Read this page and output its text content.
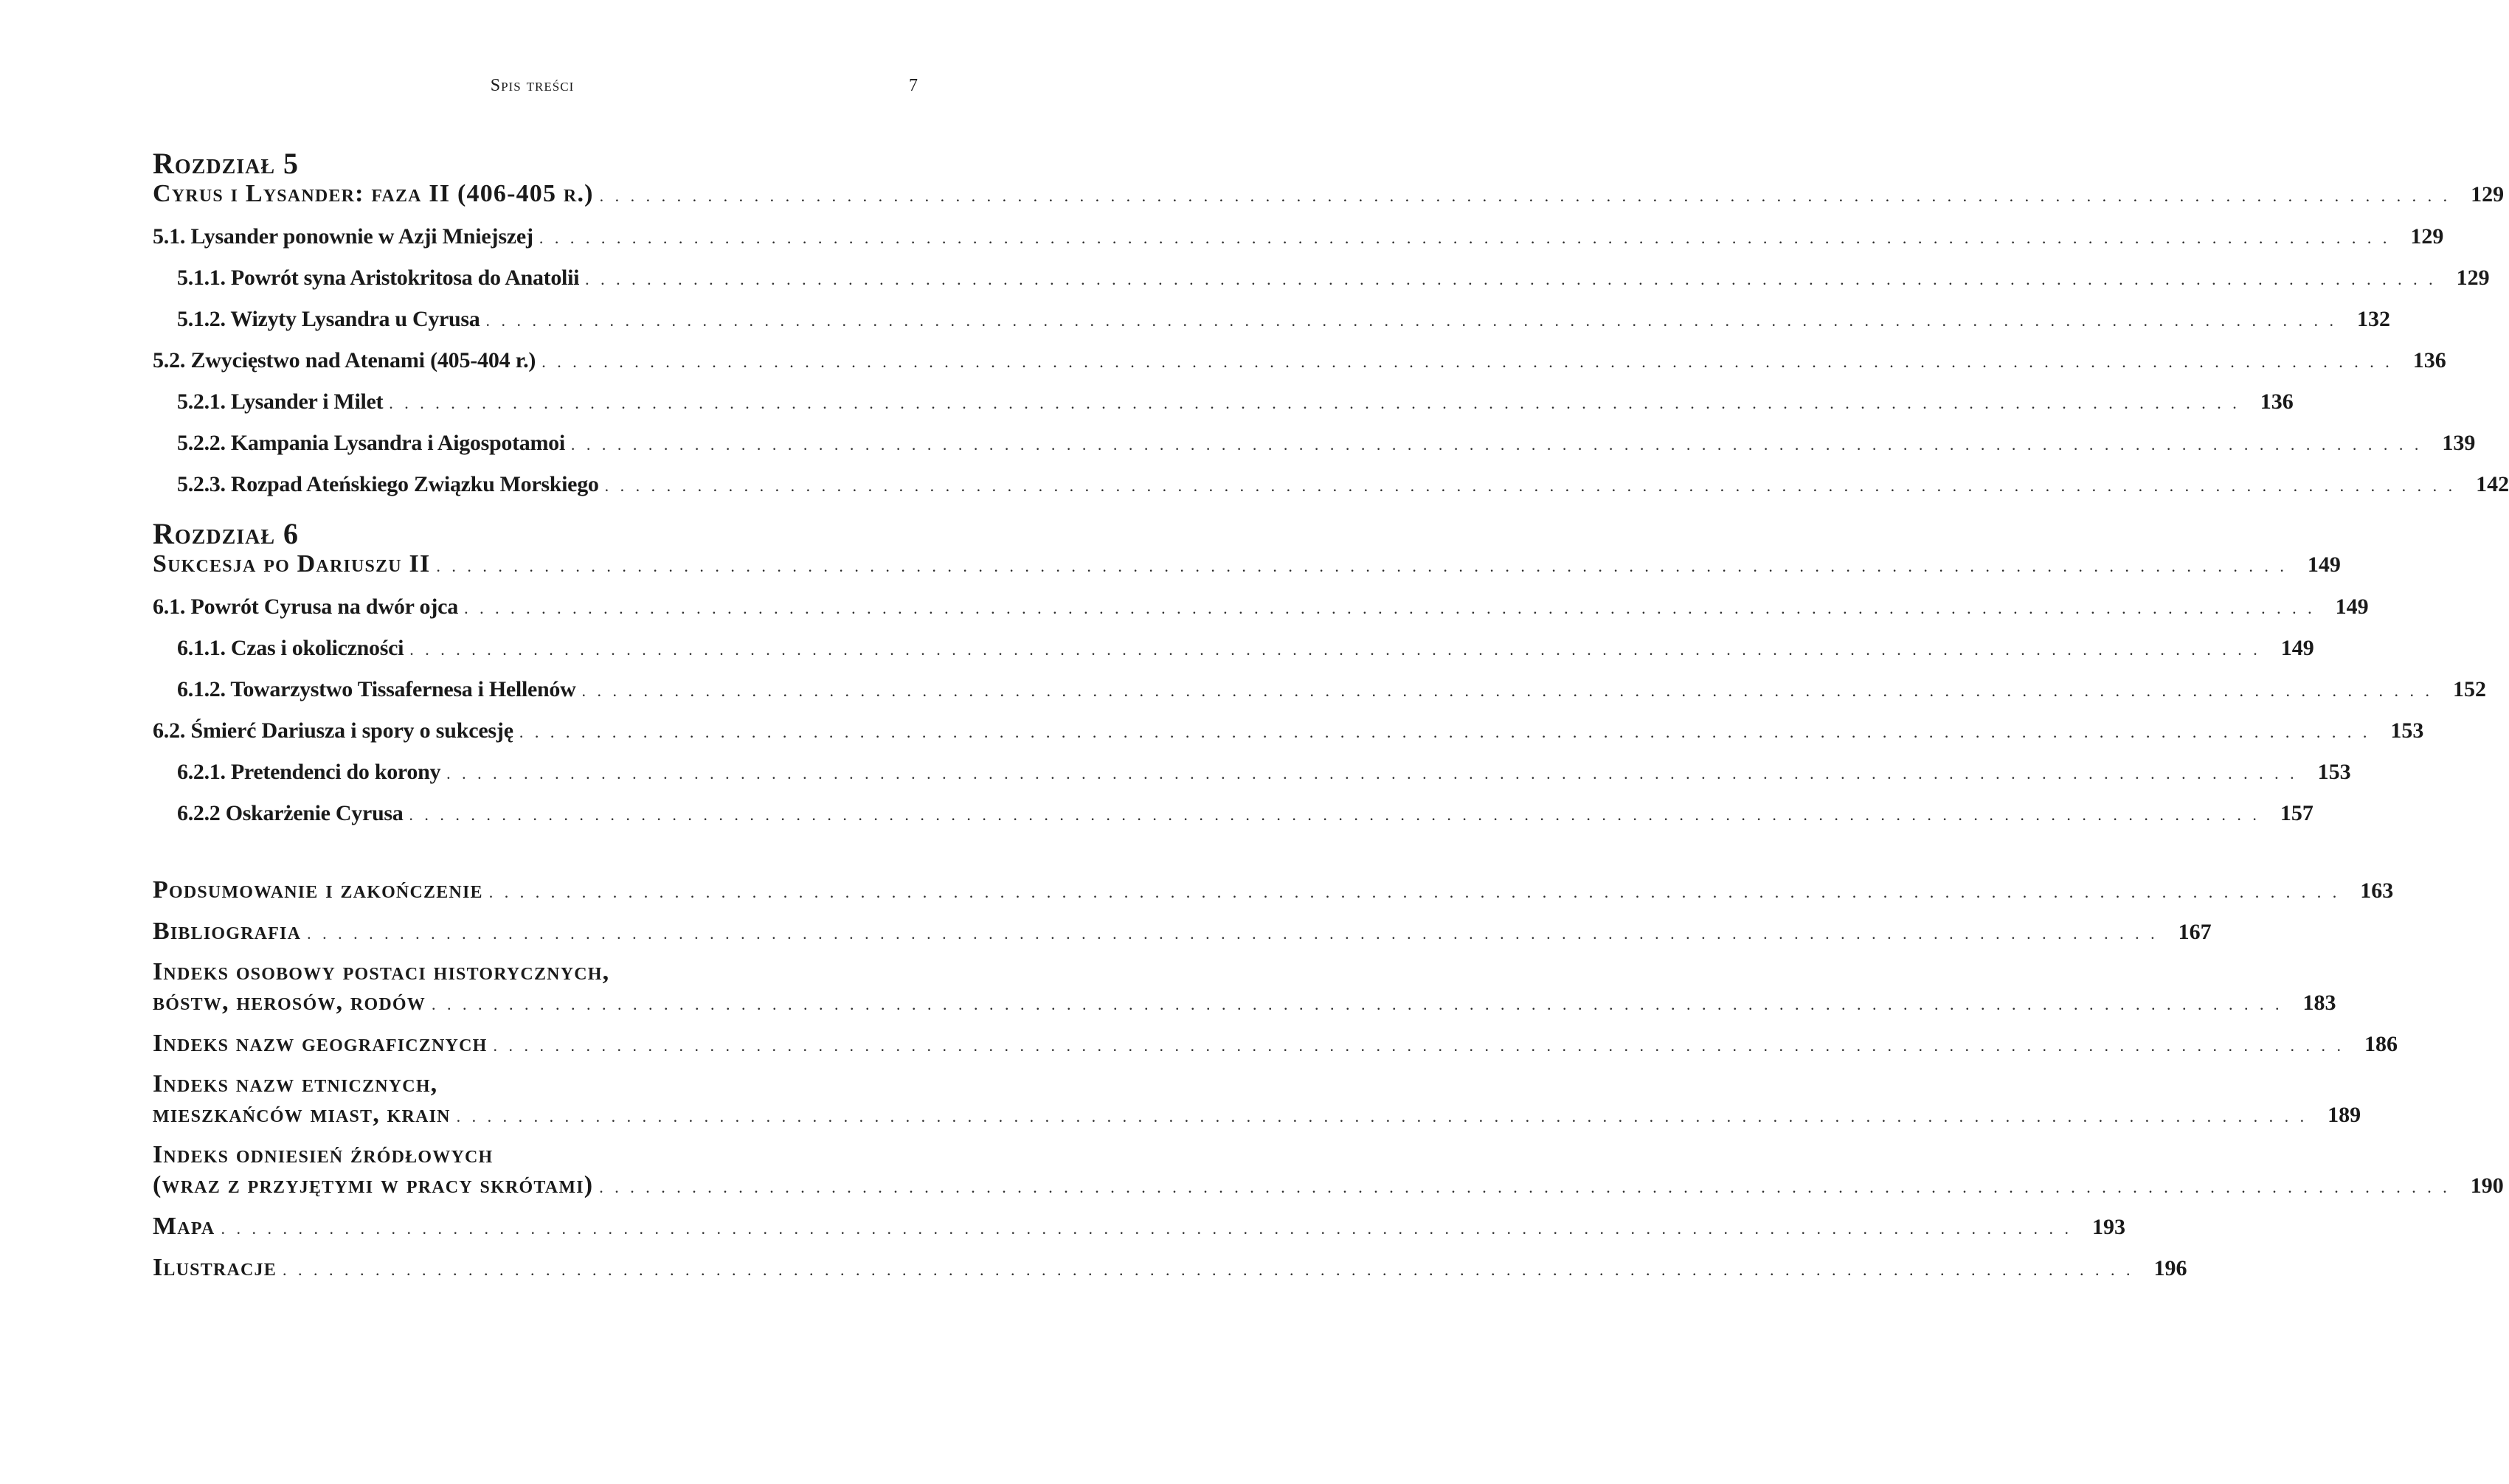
Spis treści	7
Rozdział 5
Cyrus i Lysander: faza II (406-405 r.) . . . . . . . . . . . . . . . . . . . . . . . . . . . . . . . . . . . . . . . . . . . . . . . . . . . . . . . . . . . . . . . . . . . . . . . . . . . . . . . . . . . . . . . . . . . . . . . . . . . . . . . . . . . . . . . . . . . . . . . . 129
5.1. Lysander ponownie w Azji Mniejszej . . . . . . . . . . . . . . . . . . . . . . . . . . . . . . . . . . . . . . . . . . . . . . . . . . . . . . . . . . . . . . . . . . . . . . . . . . . . . . . . . . . . . . . . . . . . . . . . . . . . . . . . . . . . . . . . . . . . . . . . 129
5.1.1. Powrót syna Aristokritosa do Anatolii . . . . . . . . . . . . . . . . . . . . . . . . . . . . . . . . . . . . . . . . . . . . . . . . . . . . . . . . . . . . . . . . . . . . . . . . . . . . . . . . . . . . . . . . . . . . . . . . . . . . . . . . . . . . . . . . . . . . . . . . 129
5.1.2. Wizyty Lysandra u Cyrusa . . . . . . . . . . . . . . . . . . . . . . . . . . . . . . . . . . . . . . . . . . . . . . . . . . . . . . . . . . . . . . . . . . . . . . . . . . . . . . . . . . . . . . . . . . . . . . . . . . . . . . . . . . . . . . . . . . . . . . . . 132
5.2. Zwycięstwo nad Atenami (405-404 r.) . . . . . . . . . . . . . . . . . . . . . . . . . . . . . . . . . . . . . . . . . . . . . . . . . . . . . . . . . . . . . . . . . . . . . . . . . . . . . . . . . . . . . . . . . . . . . . . . . . . . . . . . . . . . . . . . . . . . . . . . 136
5.2.1. Lysander i Milet . . . . . . . . . . . . . . . . . . . . . . . . . . . . . . . . . . . . . . . . . . . . . . . . . . . . . . . . . . . . . . . . . . . . . . . . . . . . . . . . . . . . . . . . . . . . . . . . . . . . . . . . . . . . . . . . . . . . . . . . 136
5.2.2. Kampania Lysandra i Aigospotamoi . . . . . . . . . . . . . . . . . . . . . . . . . . . . . . . . . . . . . . . . . . . . . . . . . . . . . . . . . . . . . . . . . . . . . . . . . . . . . . . . . . . . . . . . . . . . . . . . . . . . . . . . . . . . . . . . . . . . . . . . 139
5.2.3. Rozpad Ateńskiego Związku Morskiego . . . . . . . . . . . . . . . . . . . . . . . . . . . . . . . . . . . . . . . . . . . . . . . . . . . . . . . . . . . . . . . . . . . . . . . . . . . . . . . . . . . . . . . . . . . . . . . . . . . . . . . . . . . . . . . . . . . . . . . . 142
Rozdział 6
Sukcesja po Dariuszu II . . . . . . . . . . . . . . . . . . . . . . . . . . . . . . . . . . . . . . . . . . . . . . . . . . . . . . . . . . . . . . . . . . . . . . . . . . . . . . . . . . . . . . . . . . . . . . . . . . . . . . . . . . . . . . . . . . . . . . . . 149
6.1. Powrót Cyrusa na dwór ojca . . . . . . . . . . . . . . . . . . . . . . . . . . . . . . . . . . . . . . . . . . . . . . . . . . . . . . . . . . . . . . . . . . . . . . . . . . . . . . . . . . . . . . . . . . . . . . . . . . . . . . . . . . . . . . . . . . . . . . . . 149
6.1.1. Czas i okoliczności . . . . . . . . . . . . . . . . . . . . . . . . . . . . . . . . . . . . . . . . . . . . . . . . . . . . . . . . . . . . . . . . . . . . . . . . . . . . . . . . . . . . . . . . . . . . . . . . . . . . . . . . . . . . . . . . . . . . . . . . 149
6.1.2. Towarzystwo Tissafernesa i Hellenów . . . . . . . . . . . . . . . . . . . . . . . . . . . . . . . . . . . . . . . . . . . . . . . . . . . . . . . . . . . . . . . . . . . . . . . . . . . . . . . . . . . . . . . . . . . . . . . . . . . . . . . . . . . . . . . . . . . . . . . . 152
6.2. Śmierć Dariusza i spory o sukcesję . . . . . . . . . . . . . . . . . . . . . . . . . . . . . . . . . . . . . . . . . . . . . . . . . . . . . . . . . . . . . . . . . . . . . . . . . . . . . . . . . . . . . . . . . . . . . . . . . . . . . . . . . . . . . . . . . . . . . . . . 153
6.2.1. Pretendenci do korony . . . . . . . . . . . . . . . . . . . . . . . . . . . . . . . . . . . . . . . . . . . . . . . . . . . . . . . . . . . . . . . . . . . . . . . . . . . . . . . . . . . . . . . . . . . . . . . . . . . . . . . . . . . . . . . . . . . . . . . . 153
6.2.2 Oskarżenie Cyrusa . . . . . . . . . . . . . . . . . . . . . . . . . . . . . . . . . . . . . . . . . . . . . . . . . . . . . . . . . . . . . . . . . . . . . . . . . . . . . . . . . . . . . . . . . . . . . . . . . . . . . . . . . . . . . . . . . . . . . . . . 157
Podsumowanie i zakończenie . . . . . . . . . . . . . . . . . . . . . . . . . . . . . . . . . . . . . . . . . . . . . . . . . . . . . . . . . . . . . . . . . . . . . . . . . . . . . . . . . . . . . . . . . . . . . . . . . . . . . . . . . . . . . . . . . . . . . . . . 163
Bibliografia . . . . . . . . . . . . . . . . . . . . . . . . . . . . . . . . . . . . . . . . . . . . . . . . . . . . . . . . . . . . . . . . . . . . . . . . . . . . . . . . . . . . . . . . . . . . . . . . . . . . . . . . . . . . . . . . . . . . . . . . 167
Indeks osobowy postaci historycznych,
bóstw, herosów, rodów . . . . . . . . . . . . . . . . . . . . . . . . . . . . . . . . . . . . . . . . . . . . . . . . . . . . . . . . . . . . . . . . . . . . . . . . . . . . . . . . . . . . . . . . . . . . . . . . . . . . . . . . . . . . . . . . . . . . . . . . 183
Indeks nazw geograficznych . . . . . . . . . . . . . . . . . . . . . . . . . . . . . . . . . . . . . . . . . . . . . . . . . . . . . . . . . . . . . . . . . . . . . . . . . . . . . . . . . . . . . . . . . . . . . . . . . . . . . . . . . . . . . . . . . . . . . . . . 186
Indeks nazw etnicznych,
mieszkańców miast, krain . . . . . . . . . . . . . . . . . . . . . . . . . . . . . . . . . . . . . . . . . . . . . . . . . . . . . . . . . . . . . . . . . . . . . . . . . . . . . . . . . . . . . . . . . . . . . . . . . . . . . . . . . . . . . . . . . . . . . . . . 189
Indeks odniesień źródłowych
(wraz z przyjętymi w pracy skrótami) . . . . . . . . . . . . . . . . . . . . . . . . . . . . . . . . . . . . . . . . . . . . . . . . . . . . . . . . . . . . . . . . . . . . . . . . . . . . . . . . . . . . . . . . . . . . . . . . . . . . . . . . . . . . . . . . . . . . . . . . 190
Mapa . . . . . . . . . . . . . . . . . . . . . . . . . . . . . . . . . . . . . . . . . . . . . . . . . . . . . . . . . . . . . . . . . . . . . . . . . . . . . . . . . . . . . . . . . . . . . . . . . . . . . . . . . . . . . . . . . . . . . . . . 193
Ilustracje . . . . . . . . . . . . . . . . . . . . . . . . . . . . . . . . . . . . . . . . . . . . . . . . . . . . . . . . . . . . . . . . . . . . . . . . . . . . . . . . . . . . . . . . . . . . . . . . . . . . . . . . . . . . . . . . . . . . . . . . 196
